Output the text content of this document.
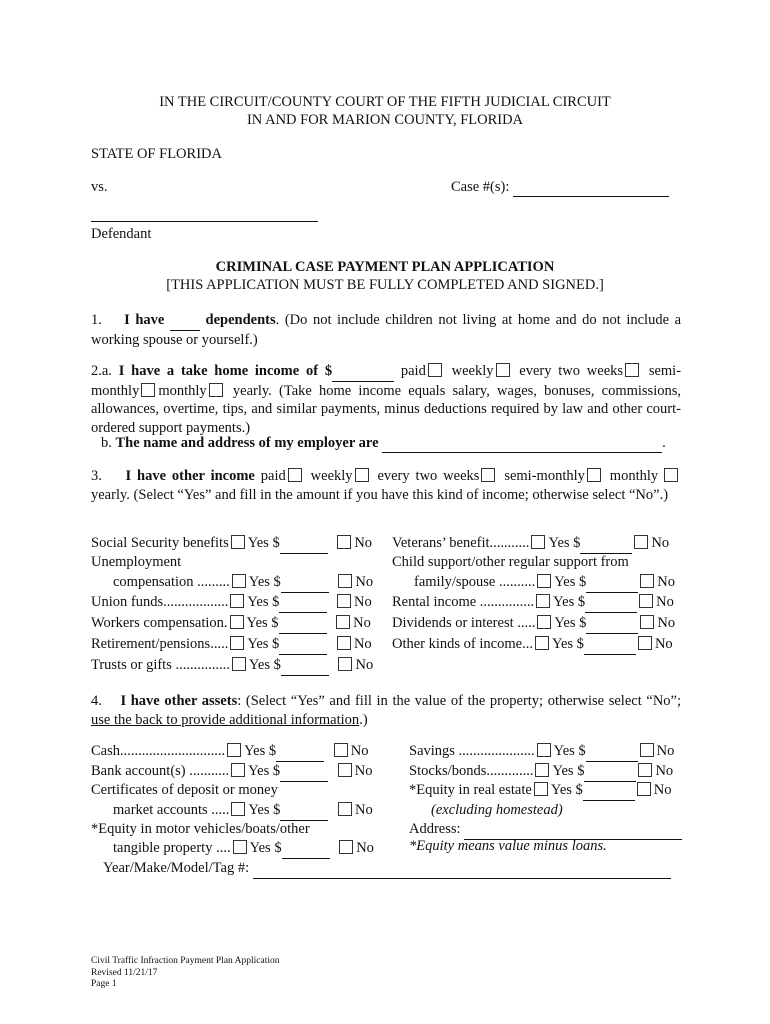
IN THE CIRCUIT/COUNTY COURT OF THE FIFTH JUDICIAL CIRCUIT
IN AND FOR MARION COUNTY, FLORIDA
STATE OF FLORIDA
vs.	Case #(s):
Defendant
CRIMINAL CASE PAYMENT PLAN APPLICATION
[THIS APPLICATION MUST BE FULLY COMPLETED AND SIGNED.]
1. I have	dependents. (Do not include children not living at home and do not include a working spouse or yourself.)
2.a. I have a take home income of $	paid weekly every two weeks semi-monthly monthly yearly. (Take home income equals salary, wages, bonuses, commissions, allowances, overtime, tips, and similar payments, minus deductions required by law and other court-ordered support payments.)
b. The name and address of my employer are	.
3. I have other income paid weekly every two weeks semi-monthly monthly yearly. (Select “Yes” and fill in the amount if you have this kind of income; otherwise select “No”.)
Social Security benefits Yes $	No
Unemployment
compensation ......... Yes $	No
Union funds.................. Yes $	No
Workers compensation. Yes $	No
Retirement/pensions..... Yes $	No
Trusts or gifts ............... Yes $	No
Veterans’ benefit........... Yes $	No
Child support/other regular support from
family/spouse .......... Yes $	No
Rental income ............... Yes $	No
Dividends or interest ..... Yes $	No
Other kinds of income... Yes $	No
4. I have other assets: (Select “Yes” and fill in the value of the property; otherwise select “No”; use the back to provide additional information.)
Cash............................. Yes $	No
Bank account(s) ........... Yes $	No
Certificates of deposit or money
market accounts ..... Yes $	No
*Equity in motor vehicles/boats/other
tangible property .... Yes $	No
Year/Make/Model/Tag #:
Savings ..................... Yes $	No
Stocks/bonds............. Yes $	No
*Equity in real estate Yes $	No
(excluding homestead)
Address:
*Equity means value minus loans.
Civil Traffic Infraction Payment Plan Application
Revised 11/21/17
Page 1
